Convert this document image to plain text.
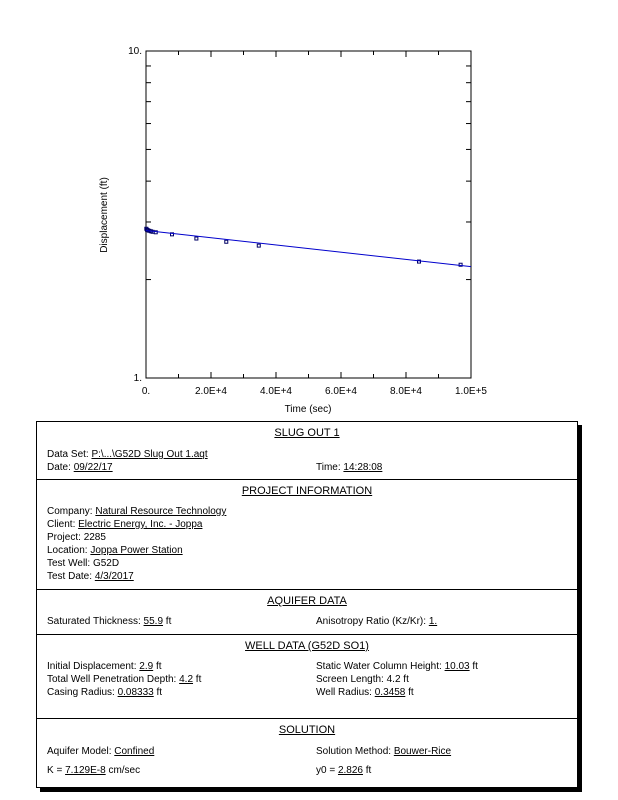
1.
10.
0.	2.0E+4	4.0E+4	6.0E+4	8.0E+4	1.0E+5
Time (sec)
Displacement (ft)
SLUG OUT 1
Data Set: P:\...\G52D Slug Out 1.aqt
Date: 09/22/17	Time: 14:28:08
PROJECT INFORMATION
Company: Natural Resource Technology
Client: Electric Energy, Inc. - Joppa
Project: 2285
Location: Joppa Power Station
Test Well: G52D
Test Date: 4/3/2017
AQUIFER DATA
Saturated Thickness: 55.9 ft	Anisotropy Ratio (Kz/Kr): 1.
WELL DATA (G52D SO1)
Initial Displacement: 2.9 ft	Static Water Column Height: 10.03 ft
Total Well Penetration Depth: 4.2 ft	Screen Length: 4.2 ft
Casing Radius: 0.08333 ft	Well Radius: 0.3458 ft
SOLUTION
Aquifer Model: Confined	Solution Method: Bouwer-Rice
K = 7.129E-8 cm/sec	y0 = 2.826 ft
